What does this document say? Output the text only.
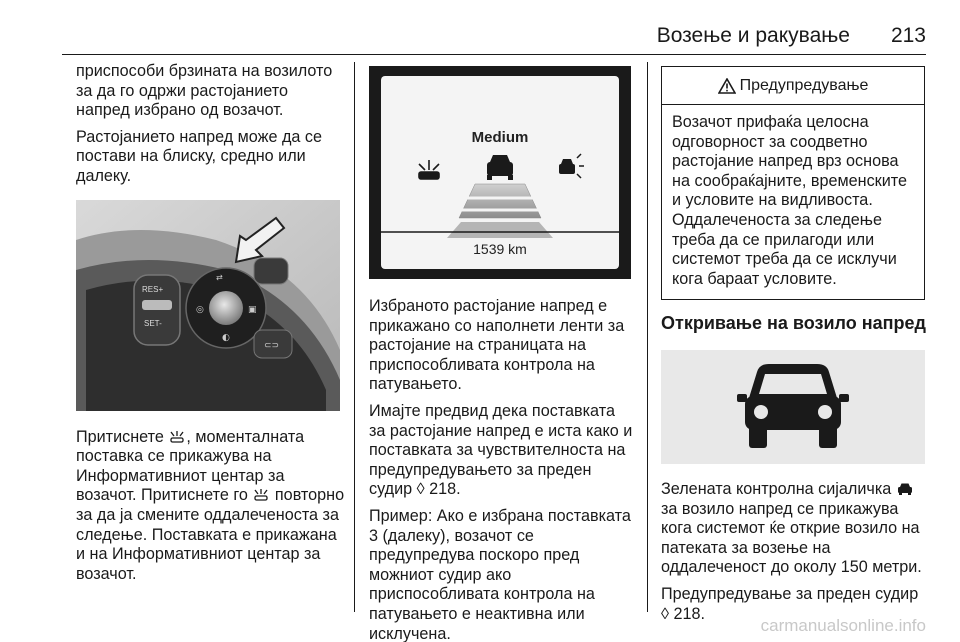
Возење и ракување 213

приспособи брзината на возилото за да го одржи растојанието напред избрано од возачот.

Растојанието напред може да се постави на блиску, средно или далеку.

RES+
SET-
⇄
◎	▣
◐
⊂⊃

Притиснете , моменталната поставка се прикажува на Информативниот центар за возачот. Притиснете го  повторно за да ја смените оддалеченоста за следење. Поставката е прикажана и на Информативниот центар за возачот.

Medium
1539 km

Избраното растојание напред е прикажано со наполнети ленти за растојание на страницата на приспособливата контрола на патувањето.

Имајте предвид дека поставката за растојание напред е иста како и поставката за чувствителноста на предупредувањето за преден судир ◊ 218.

Пример: Ако е избрана поставката 3 (далеку), возачот се предупредува поскоро пред можниот судир ако приспособливата контрола на патувањето е неактивна или исклучена.

Предупредување
Возачот прифаќа целосна одговорност за соодветно растојание напред врз основа на сообраќајните, временските и условите на видливоста. Оддалеченоста за следење треба да се прилагоди или системот треба да се исклучи кога бараат условите.
Откривање на возило напред

Зелената контролна сијаличка  за возило напред се прикажува кога системот ќе открие возило на патеката за возење на оддалеченост до околу 150 метри.

Предупредување за преден судир
◊ 218.

carmanualsonline.info
